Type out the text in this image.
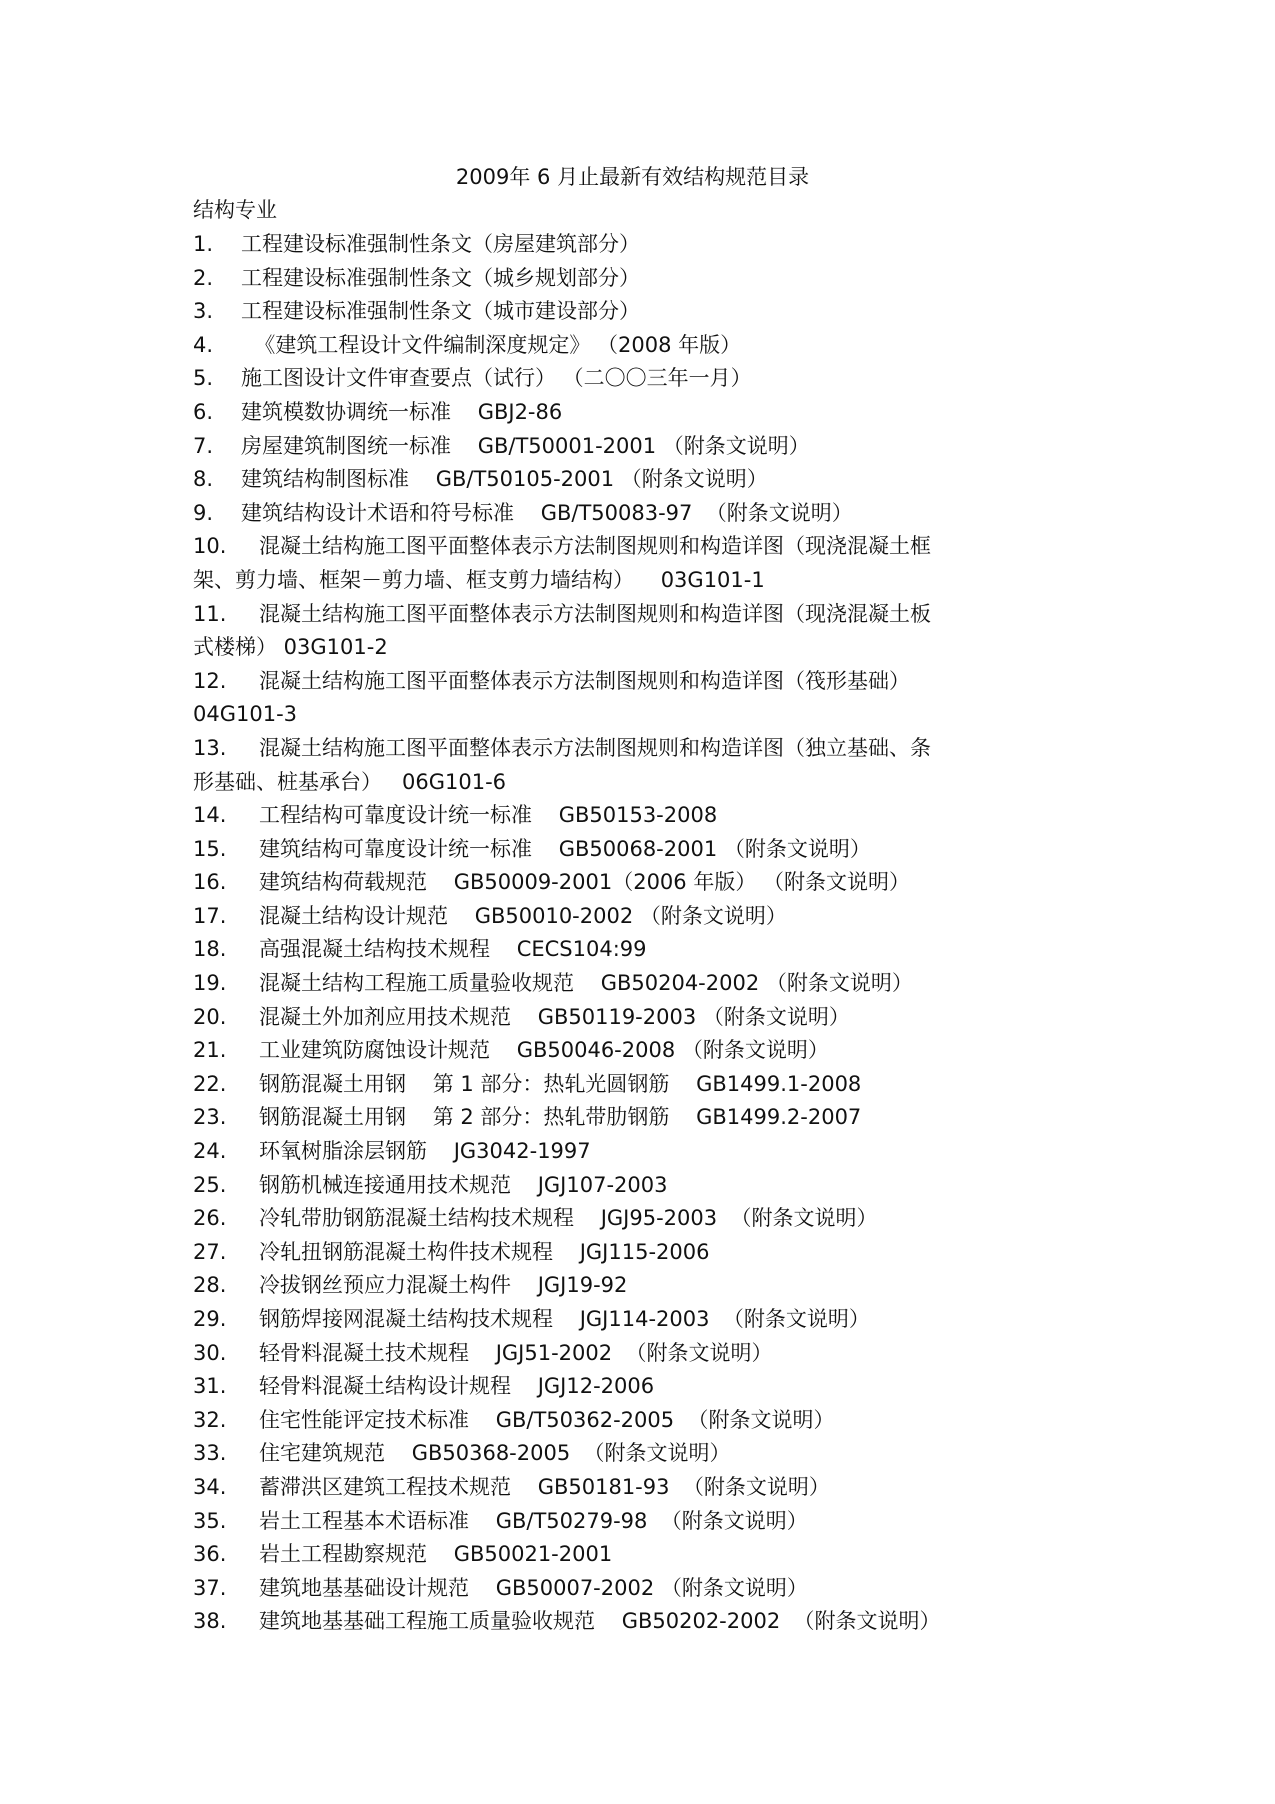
2009年 6 月止最新有效结构规范目录
结构专业
1. 工程建设标准强制性条文（房屋建筑部分）
2. 工程建设标准强制性条文（城乡规划部分）
3. 工程建设标准强制性条文（城市建设部分）
4.  《建筑工程设计文件编制深度规定》 （2008 年版）
5. 施工图设计文件审查要点（试行） （二〇〇三年一月）
6. 建筑模数协调统一标准    GBJ2-86
7. 房屋建筑制图统一标准    GB/T50001-2001 （附条文说明）
8. 建筑结构制图标准    GB/T50105-2001 （附条文说明）
9. 建筑结构设计术语和符号标准    GB/T50083-97  （附条文说明）
10. 混凝土结构施工图平面整体表示方法制图规则和构造详图（现浇混凝土框
架、剪力墙、框架－剪力墙、框支剪力墙结构）    03G101-1
11. 混凝土结构施工图平面整体表示方法制图规则和构造详图（现浇混凝土板
式楼梯） 03G101-2
12. 混凝土结构施工图平面整体表示方法制图规则和构造详图（筏形基础）
04G101-3
13. 混凝土结构施工图平面整体表示方法制图规则和构造详图（独立基础、条
形基础、桩基承台）   06G101-6
14. 工程结构可靠度设计统一标准    GB50153-2008
15. 建筑结构可靠度设计统一标准    GB50068-2001 （附条文说明）
16. 建筑结构荷载规范    GB50009-2001（2006 年版） （附条文说明）
17. 混凝土结构设计规范    GB50010-2002 （附条文说明）
18. 高强混凝土结构技术规程    CECS104:99
19. 混凝土结构工程施工质量验收规范    GB50204-2002 （附条文说明）
20. 混凝土外加剂应用技术规范    GB50119-2003 （附条文说明）
21. 工业建筑防腐蚀设计规范    GB50046-2008 （附条文说明）
22. 钢筋混凝土用钢    第 1 部分：热轧光圆钢筋    GB1499.1-2008
23. 钢筋混凝土用钢    第 2 部分：热轧带肋钢筋    GB1499.2-2007
24. 环氧树脂涂层钢筋    JG3042-1997
25. 钢筋机械连接通用技术规范    JGJ107-2003
26. 冷轧带肋钢筋混凝土结构技术规程    JGJ95-2003  （附条文说明）
27. 冷轧扭钢筋混凝土构件技术规程    JGJ115-2006
28. 冷拔钢丝预应力混凝土构件    JGJ19-92
29. 钢筋焊接网混凝土结构技术规程    JGJ114-2003  （附条文说明）
30. 轻骨料混凝土技术规程    JGJ51-2002  （附条文说明）
31. 轻骨料混凝土结构设计规程    JGJ12-2006
32. 住宅性能评定技术标准    GB/T50362-2005  （附条文说明）
33. 住宅建筑规范    GB50368-2005  （附条文说明）
34. 蓄滞洪区建筑工程技术规范    GB50181-93  （附条文说明）
35. 岩土工程基本术语标准    GB/T50279-98  （附条文说明）
36. 岩土工程勘察规范    GB50021-2001
37. 建筑地基基础设计规范    GB50007-2002 （附条文说明）
38. 建筑地基基础工程施工质量验收规范    GB50202-2002  （附条文说明）
